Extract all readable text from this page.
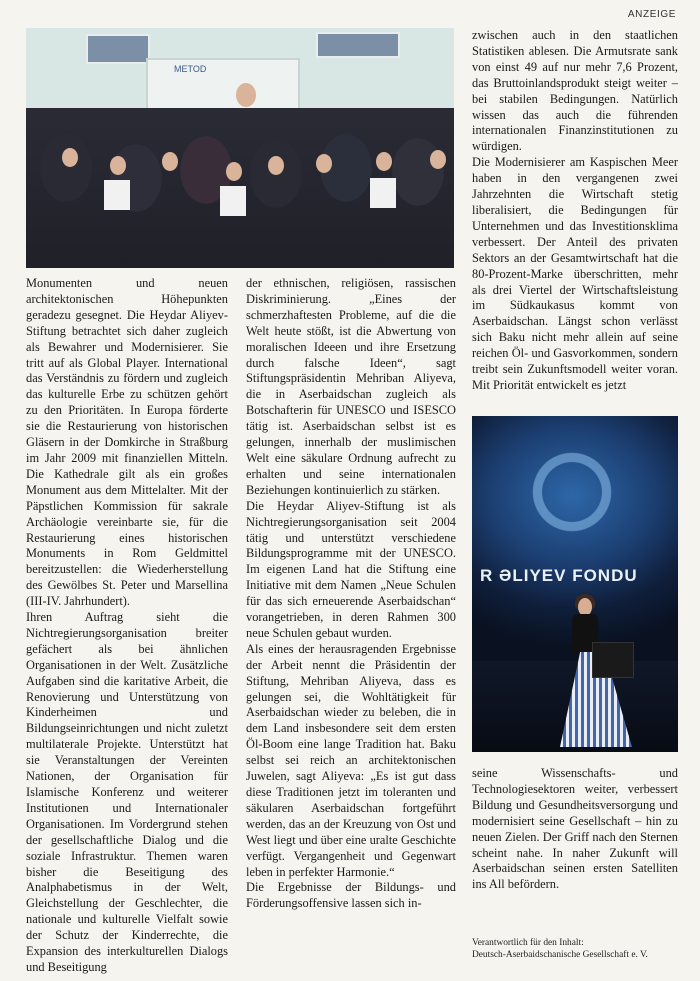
ANZEIGE
METOD

Monumenten und neuen architektonischen Höhepunkten geradezu gesegnet. Die Heydar Aliyev-Stiftung betrachtet sich daher zugleich als Bewahrer und Modernisierer. Sie tritt auf als Global Player. International das Verständnis zu fördern und zugleich das kulturelle Erbe zu schützen gehört zu den Prioritäten. In Europa förderte sie die Restaurierung von historischen Gläsern in der Domkirche in Straßburg im Jahr 2009 mit finanziellen Mitteln. Die Kathedrale gilt als ein großes Monument aus dem Mittelalter. Mit der Päpstlichen Kommission für sakrale Archäologie vereinbarte sie, für die Restaurierung eines historischen Monuments in Rom Geldmittel bereitzustellen: die Wiederherstellung des Gewölbes St. Peter und Marsellina (III-IV. Jahrhundert).

Ihren Auftrag sieht die Nichtregierungsorganisation breiter gefächert als bei ähnlichen Organisationen in der Welt. Zusätzliche Aufgaben sind die karitative Arbeit, die Renovierung und Unterstützung von Kinderheimen und Bildungseinrichtungen und nicht zuletzt multilaterale Projekte. Unterstützt hat sie Veranstaltungen der Vereinten Nationen, der Organisation für Islamische Konferenz und weiterer Institutionen und Internationaler Organisationen. Im Vordergrund stehen der gesellschaftliche Dialog und die soziale Infrastruktur. Themen waren bisher die Beseitigung des Analphabetismus in der Welt, Gleichstellung der Geschlechter, die nationale und kulturelle Vielfalt sowie der Schutz der Kinderrechte, die Expansion des interkulturellen Dialogs und Beseitigung

der ethnischen, religiösen, rassischen Diskriminierung. „Eines der schmerzhaftesten Probleme, auf die die Welt heute stößt, ist die Abwertung von moralischen Ideeen und ihre Ersetzung durch falsche Ideen“, sagt Stiftungspräsidentin Mehriban Aliyeva, die in Aserbaidschan zugleich als Botschafterin für UNESCO und ISESCO tätig ist. Aserbaidschan selbst ist es gelungen, innerhalb der muslimischen Welt eine säkulare Ordnung aufrecht zu erhalten und seine internationalen Beziehungen kontinuierlich zu stärken.

Die Heydar Aliyev-Stiftung ist als Nichtregierungsorganisation seit 2004 tätig und unterstützt verschiedene Bildungsprogramme mit der UNESCO. Im eigenen Land hat die Stiftung eine Initiative mit dem Namen „Neue Schulen für das sich erneuerende Aserbaidschan“ vorangetrieben, in deren Rahmen 300 neue Schulen gebaut wurden.

Als eines der herausragenden Ergebnisse der Arbeit nennt die Präsidentin der Stiftung, Mehriban Aliyeva, dass es gelungen sei, die Wohltätigkeit für Aserbaidschan wieder zu beleben, die in dem Land insbesondere seit dem ersten Öl-Boom eine lange Tradition hat. Baku selbst sei reich an architektonischen Juwelen, sagt Aliyeva: „Es ist gut dass diese Traditionen jetzt im toleranten und säkularen Aserbaidschan fortgeführt werden, das an der Kreuzung von Ost und West liegt und über eine uralte Geschichte verfügt. Vergangenheit und Gegenwart leben in perfekter Harmonie.“

Die Ergebnisse der Bildungs- und Förderungsoffensive lassen sich in-

zwischen auch in den staatlichen Statistiken ablesen. Die Armutsrate sank von einst 49 auf nur mehr 7,6 Prozent, das Bruttoinlandsprodukt steigt weiter – bei stabilen Bedingungen. Natürlich wissen das auch die führenden internationalen Finanzinstitutionen zu würdigen.

Die Modernisierer am Kaspischen Meer haben in den vergangenen zwei Jahrzehnten die Wirtschaft stetig liberalisiert, die Bedingungen für Unternehmen und das Investitionsklima verbessert. Der Anteil des privaten Sektors an der Gesamtwirtschaft hat die 80-Prozent-Marke überschritten, mehr als drei Viertel der Wirtschaftsleistung im Südkaukasus kommt von Aserbaidschan. Längst schon verlässt sich Baku nicht mehr allein auf seine reichen Öl- und Gasvorkommen, sondern treibt sein Zukunftsmodell weiter voran. Mit Priorität entwickelt es jetzt

R ƏLIYEV FONDU

seine Wissenschafts- und Technologiesektoren weiter, verbessert Bildung und Gesundheitsversorgung und modernisiert seine Gesellschaft – hin zu neuen Zielen. Der Griff nach den Sternen scheint nahe. In naher Zukunft will Aserbaidschan seinen ersten Satelliten ins All befördern.

Verantwortlich für den Inhalt:
Deutsch-Aserbaidschanische Gesellschaft e. V.
